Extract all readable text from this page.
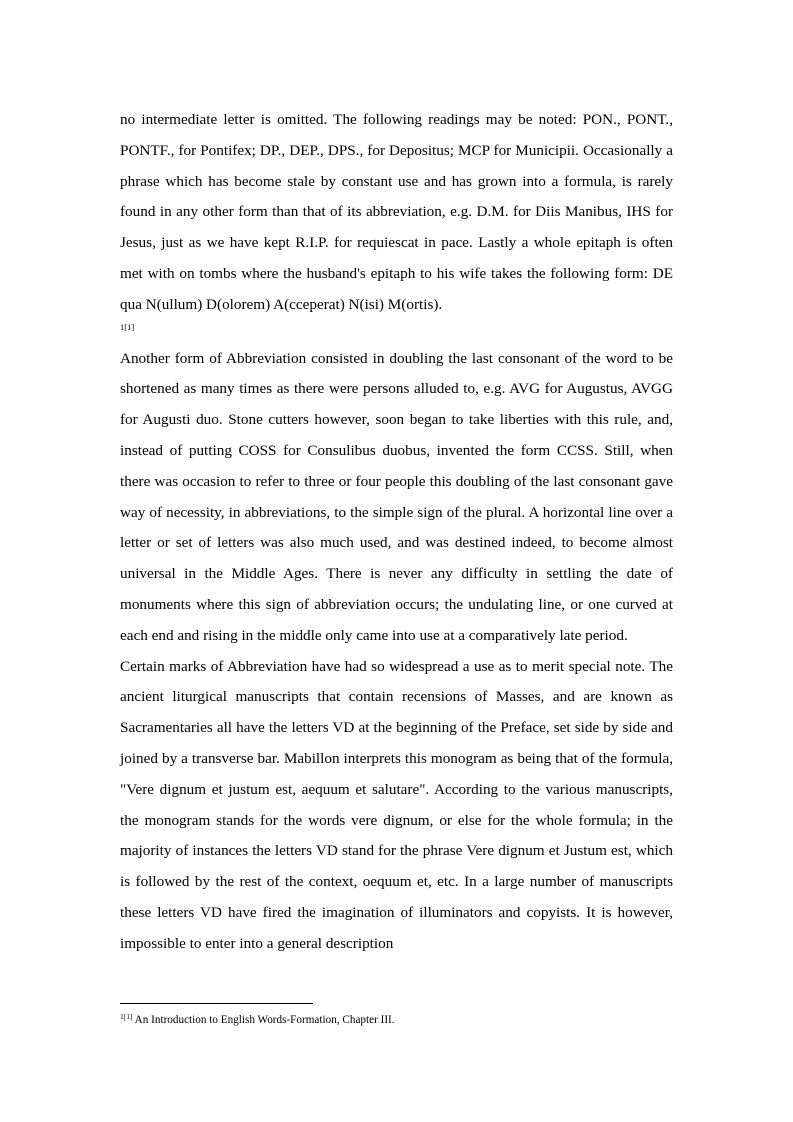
no intermediate letter is omitted. The following readings may be noted: PON., PONT., PONTF., for Pontifex; DP., DEP., DPS., for Depositus; MCP for Municipii. Occasionally a phrase which has become stale by constant use and has grown into a formula, is rarely found in any other form than that of its abbreviation, e.g. D.M. for Diis Manibus, IHS for Jesus, just as we have kept R.I.P. for requiescat in pace. Lastly a whole epitaph is often met with on tombs where the husband's epitaph to his wife takes the following form: DE qua N(ullum) D(olorem) A(cceperat) N(isi) M(ortis).
1[1]

Another form of Abbreviation consisted in doubling the last consonant of the word to be shortened as many times as there were persons alluded to, e.g. AVG for Augustus, AVGG for Augusti duo. Stone cutters however, soon began to take liberties with this rule, and, instead of putting COSS for Consulibus duobus, invented the form CCSS. Still, when there was occasion to refer to three or four people this doubling of the last consonant gave way of necessity, in abbreviations, to the simple sign of the plural. A horizontal line over a letter or set of letters was also much used, and was destined indeed, to become almost universal in the Middle Ages. There is never any difficulty in settling the date of monuments where this sign of abbreviation occurs; the undulating line, or one curved at each end and rising in the middle only came into use at a comparatively late period.

Certain marks of Abbreviation have had so widespread a use as to merit special note. The ancient liturgical manuscripts that contain recensions of Masses, and are known as Sacramentaries all have the letters VD at the beginning of the Preface, set side by side and joined by a transverse bar. Mabillon interprets this monogram as being that of the formula, "Vere dignum et justum est, aequum et salutare". According to the various manuscripts, the monogram stands for the words vere dignum, or else for the whole formula; in the majority of instances the letters VD stand for the phrase Vere dignum et Justum est, which is followed by the rest of the context, oequum et, etc. In a large number of manuscripts these letters VD have fired the imagination of illuminators and copyists. It is however, impossible to enter into a general description

$^{1[1]}$ An Introduction to English Words-Formation, Chapter III.
